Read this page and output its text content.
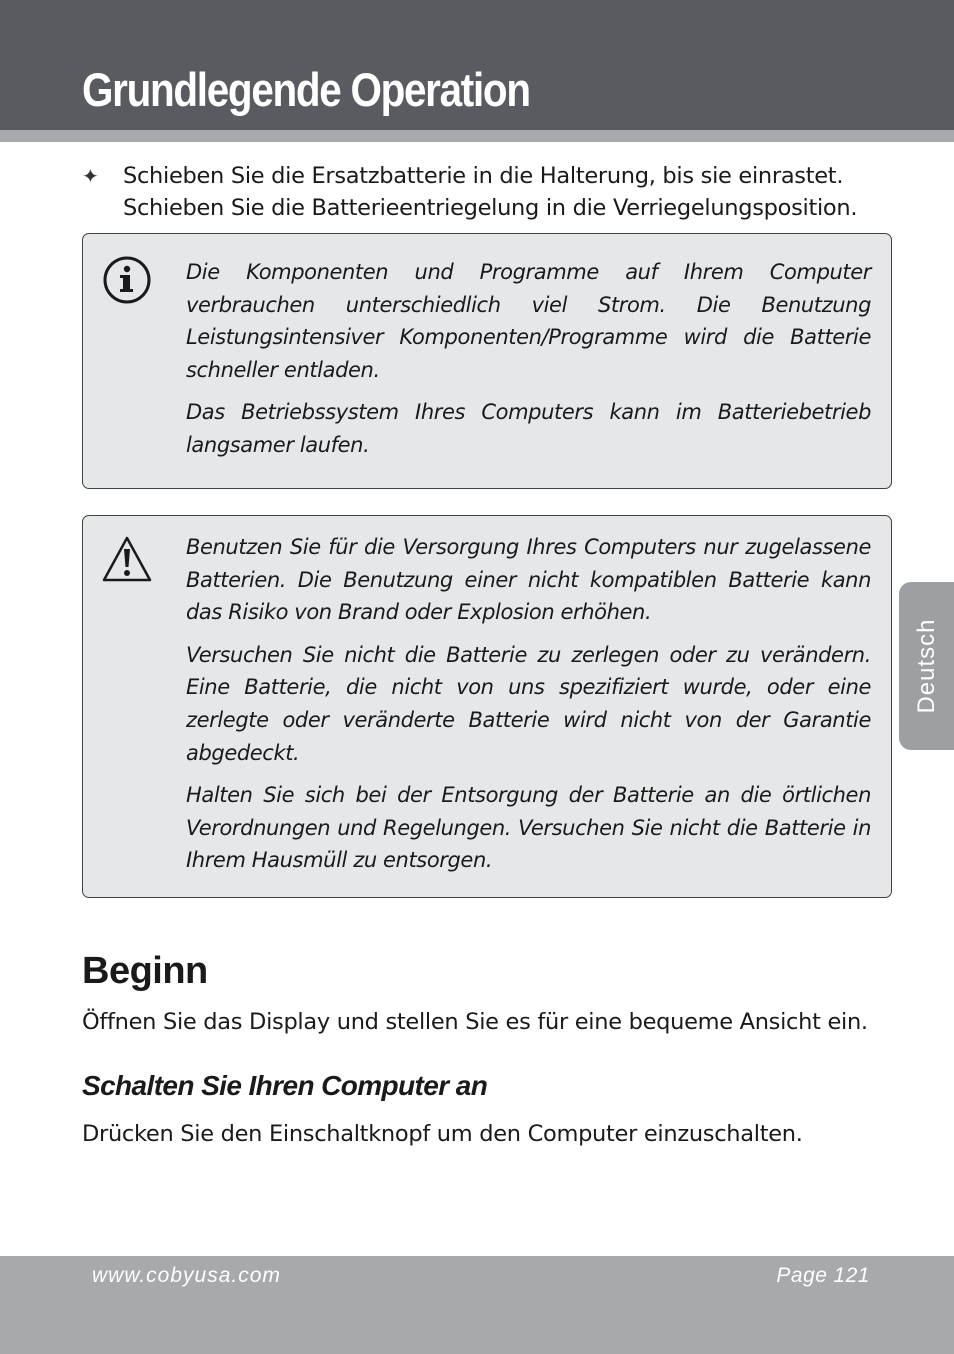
Grundlegende Operation
✦ Schieben Sie die Ersatzbatterie in die Halterung, bis sie einrastet.
Schieben Sie die Batterieentriegelung in die Verriegelungsposition.

Die Komponenten und Programme auf Ihrem Computer verbrauchen unterschiedlich viel Strom. Die Benutzung Leistungsintensiver Komponenten/Programme wird die Batterie schneller entladen.

Das Betriebssystem Ihres Computers kann im Batteriebetrieb langsamer laufen.

Benutzen Sie für die Versorgung Ihres Computers nur zugelassene Batterien. Die Benutzung einer nicht kompatiblen Batterie kann das Risiko von Brand oder Explosion erhöhen.

Versuchen Sie nicht die Batterie zu zerlegen oder zu verändern. Eine Batterie, die nicht von uns spezifiziert wurde, oder eine zerlegte oder veränderte Batterie wird nicht von der Garantie abgedeckt.

Halten Sie sich bei der Entsorgung der Batterie an die örtlichen Verordnungen und Regelungen. Versuchen Sie nicht die Batterie in Ihrem Hausmüll zu entsorgen.

Beginn
Öffnen Sie das Display und stellen Sie es für eine bequeme Ansicht ein.
Schalten Sie Ihren Computer an
Drücken Sie den Einschaltknopf um den Computer einzuschalten.
Deutsch
www.cobyusa.com	Page 121
